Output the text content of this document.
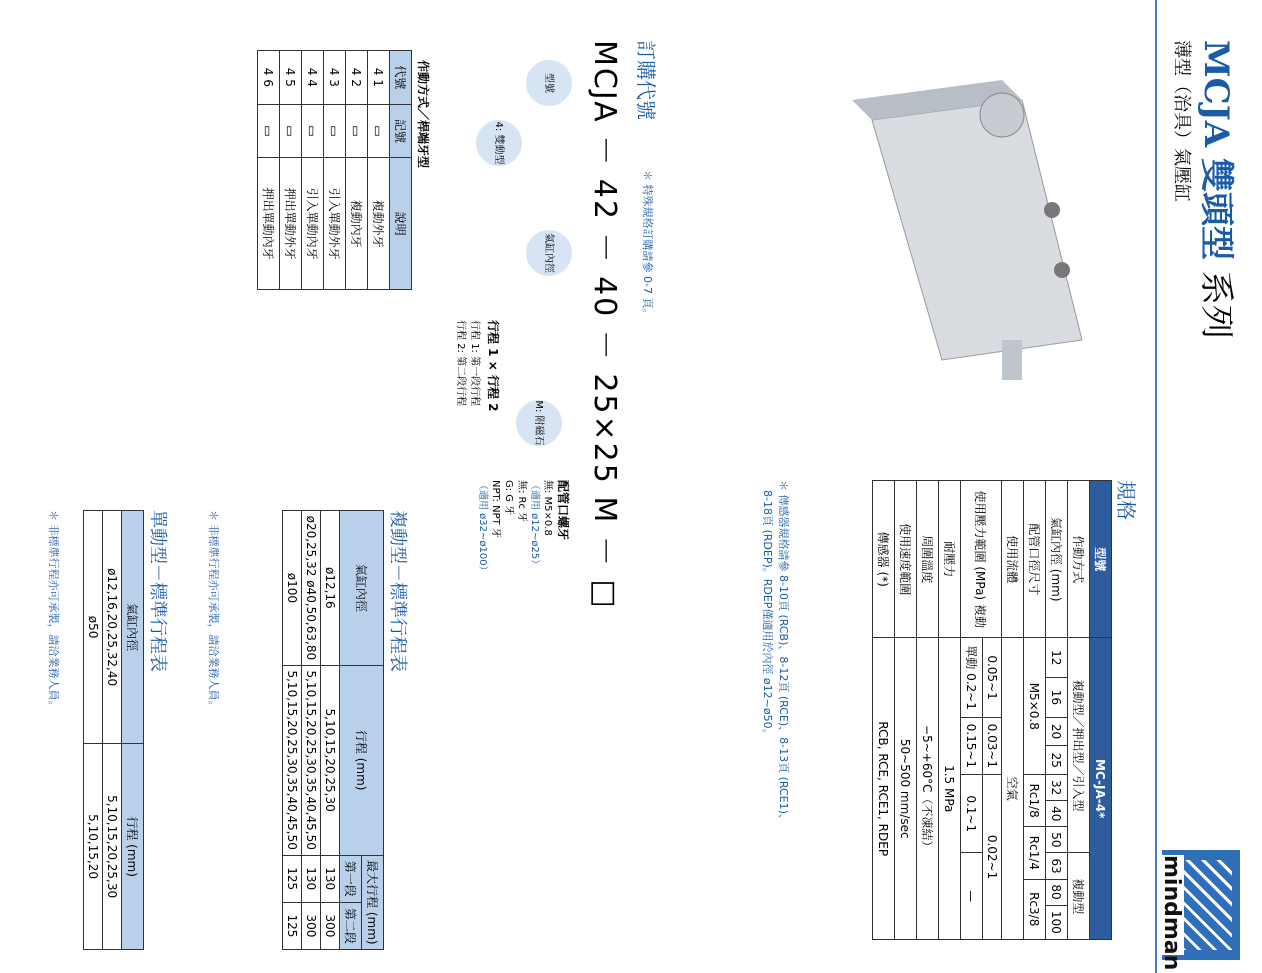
mindman
MCJA 雙頭型 系列
薄型（治具）氣壓缸
規格
型號	MC-JA-4*									
作動方式	複動型／押出型／引入型							複動型		
氣缸內徑 (mm)	12	16	20	25	32	40	50	63	80	100
配管口徑尺寸	M5×0.8				Rc1/8		Rc1/4		Rc3/8	
使用流體	空氣									
使用壓力範圍 (MPa) 複動	0.05~1		0.03~1		0.02~1					
	單動 0.2~1		0.15~1		0.1~1			—		
耐壓力	1.5 MPa									
周圍溫度	−5~+60°C（不凍結）									
使用速度範圍	50~500 mm/sec									
傳感器 (*)	RCB, RCE, RCE1, RDEP									
＊ 傳感器規格請參 8-10頁 (RCB)、8-12頁 (RCE)、8-13頁 (RCE1)、
8-18頁 (RDEP)。RDEP僅適用於內徑 ø12~ø50。
訂購代號
＊ 特殊規格訂購請參 0-7 頁。
MCJA － 42 － 40 － 25×25 M － □
型號
4: 雙動型
氣缸內徑
行程 1 × 行程 2
行程 1: 第一段行程
行程 2: 第二段行程
M: 附磁石
配管口螺牙
無: M5×0.8
（適用 ø12~ø25）
無: Rc 牙
G: G 牙
NPT: NPT 牙
（適用 ø32~ø100）
作動方式／桿端牙型
代號	記號	說明
4 1	▭	複動外牙
4 2	▭	複動內牙
4 3	▭	引入單動外牙
4 4	▭	引入單動內牙
4 5	▭	押出單動外牙
4 6	▭	押出單動內牙
複動型－標準行程表
氣缸內徑	行程 (mm)	最大行程 (mm)	
		第一段	第二段
ø12,16	5,10,15,20,25,30	130	300
ø20,25,32 ø40,50,63,80	5,10,15,20,25,30,35,40,45,50	130	300
ø100	5,10,15,20,25,30,35,40,45,50	125	125
＊ 非標準行程亦可承製，請洽業務人員。
單動型－標準行程表
氣缸內徑	行程 (mm)
ø12,16,20,25,32,40	5,10,15,20,25,30
ø50	5,10,15,20
＊ 非標準行程亦可承製，請洽業務人員。
